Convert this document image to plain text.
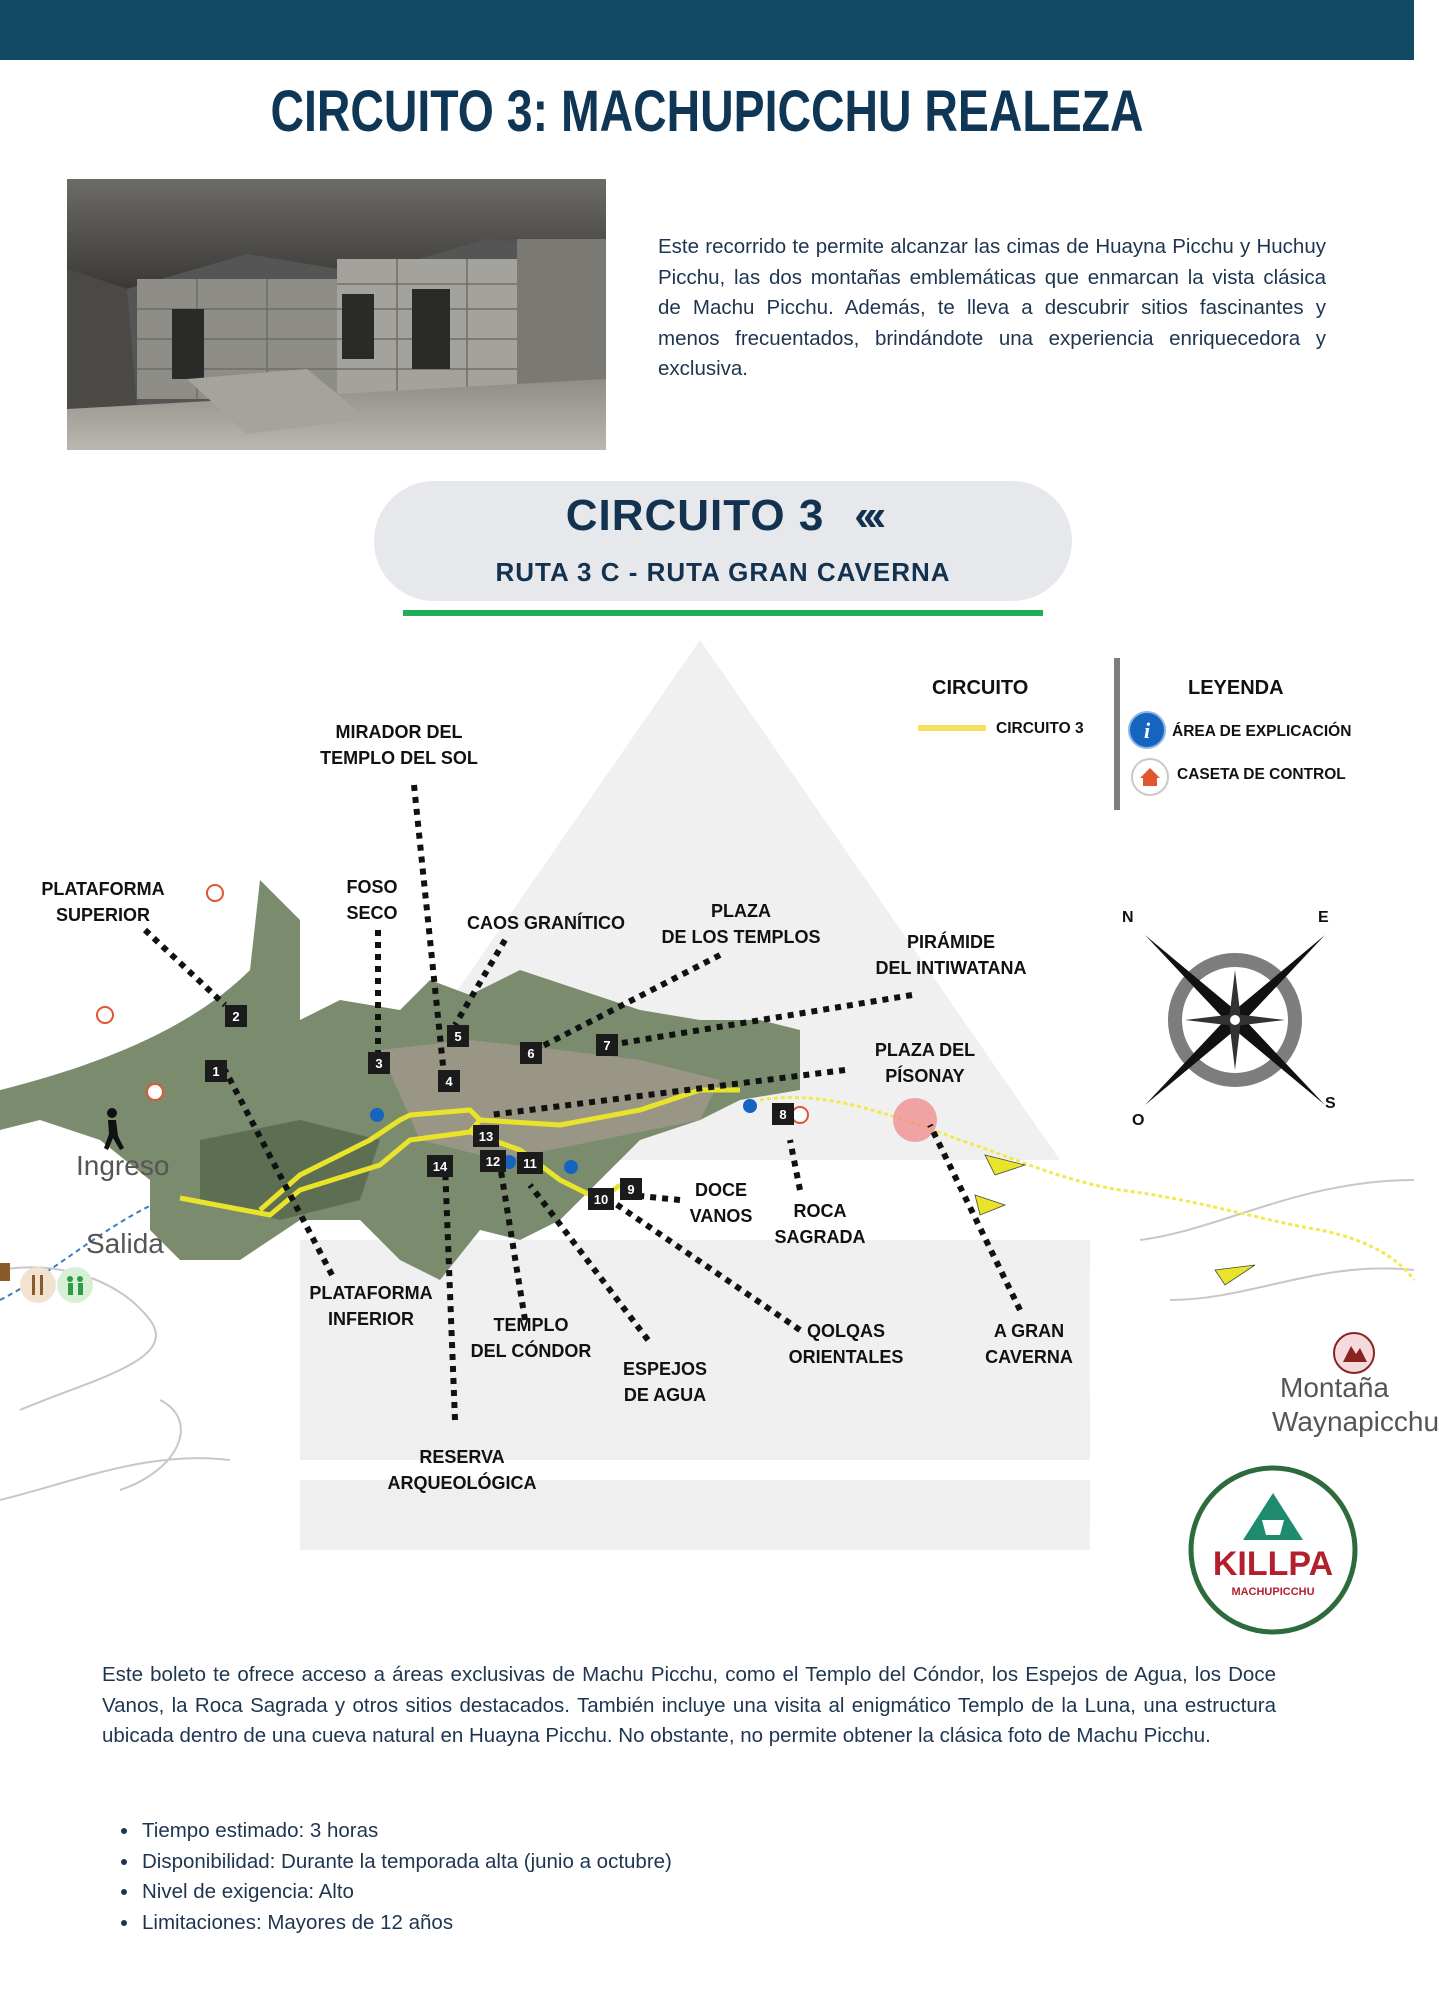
CIRCUITO 3: MACHUPICCHU REALEZA
Este recorrido te permite alcanzar las cimas de Huayna Picchu y Huchuy Picchu, las dos montañas emblemáticas que enmarcan la vista clásica de Machu Picchu. Además, te lleva a descubrir sitios fascinantes y menos frecuentados, brindándote una experiencia enriquecedora y exclusiva.
CIRCUITO 3 ‹‹‹
RUTA 3 C - RUTA GRAN CAVERNA
i
1
2
3
4
5
6
7
8
9
10
11
12
13
14
N	E
S
O
KILLPA
MACHUPICCHU
CIRCUITO
CIRCUITO 3
LEYENDA
ÁREA DE EXPLICACIÓN
CASETA DE CONTROL
Ingreso
Salida
Montaña
Waynapicchu
MIRADOR DEL
TEMPLO DEL SOL
PLATAFORMA
SUPERIOR
FOSO
SECO	CAOS GRANÍTICO
PLAZA
DE LOS TEMPLOS	PIRÁMIDE
DEL INTIWATANA
PLAZA DEL
PÍSONAY
DOCE
VANOS	ROCA
SAGRADA
PLATAFORMA
INFERIOR	TEMPLO
DEL CÓNDOR
ESPEJOS
DE AGUA
QOLQAS
ORIENTALES
A GRAN
CAVERNA
RESERVA
ARQUEOLÓGICA
Este boleto te ofrece acceso a áreas exclusivas de Machu Picchu, como el Templo del Cóndor, los Espejos de Agua, los Doce Vanos, la Roca Sagrada y otros sitios destacados. También incluye una visita al enigmático Templo de la Luna, una estructura ubicada dentro de una cueva natural en Huayna Picchu. No obstante, no permite obtener la clásica foto de Machu Picchu.
• Tiempo estimado: 3 horas
• Disponibilidad: Durante la temporada alta (junio a octubre)
• Nivel de exigencia: Alto
• Limitaciones: Mayores de 12 años
